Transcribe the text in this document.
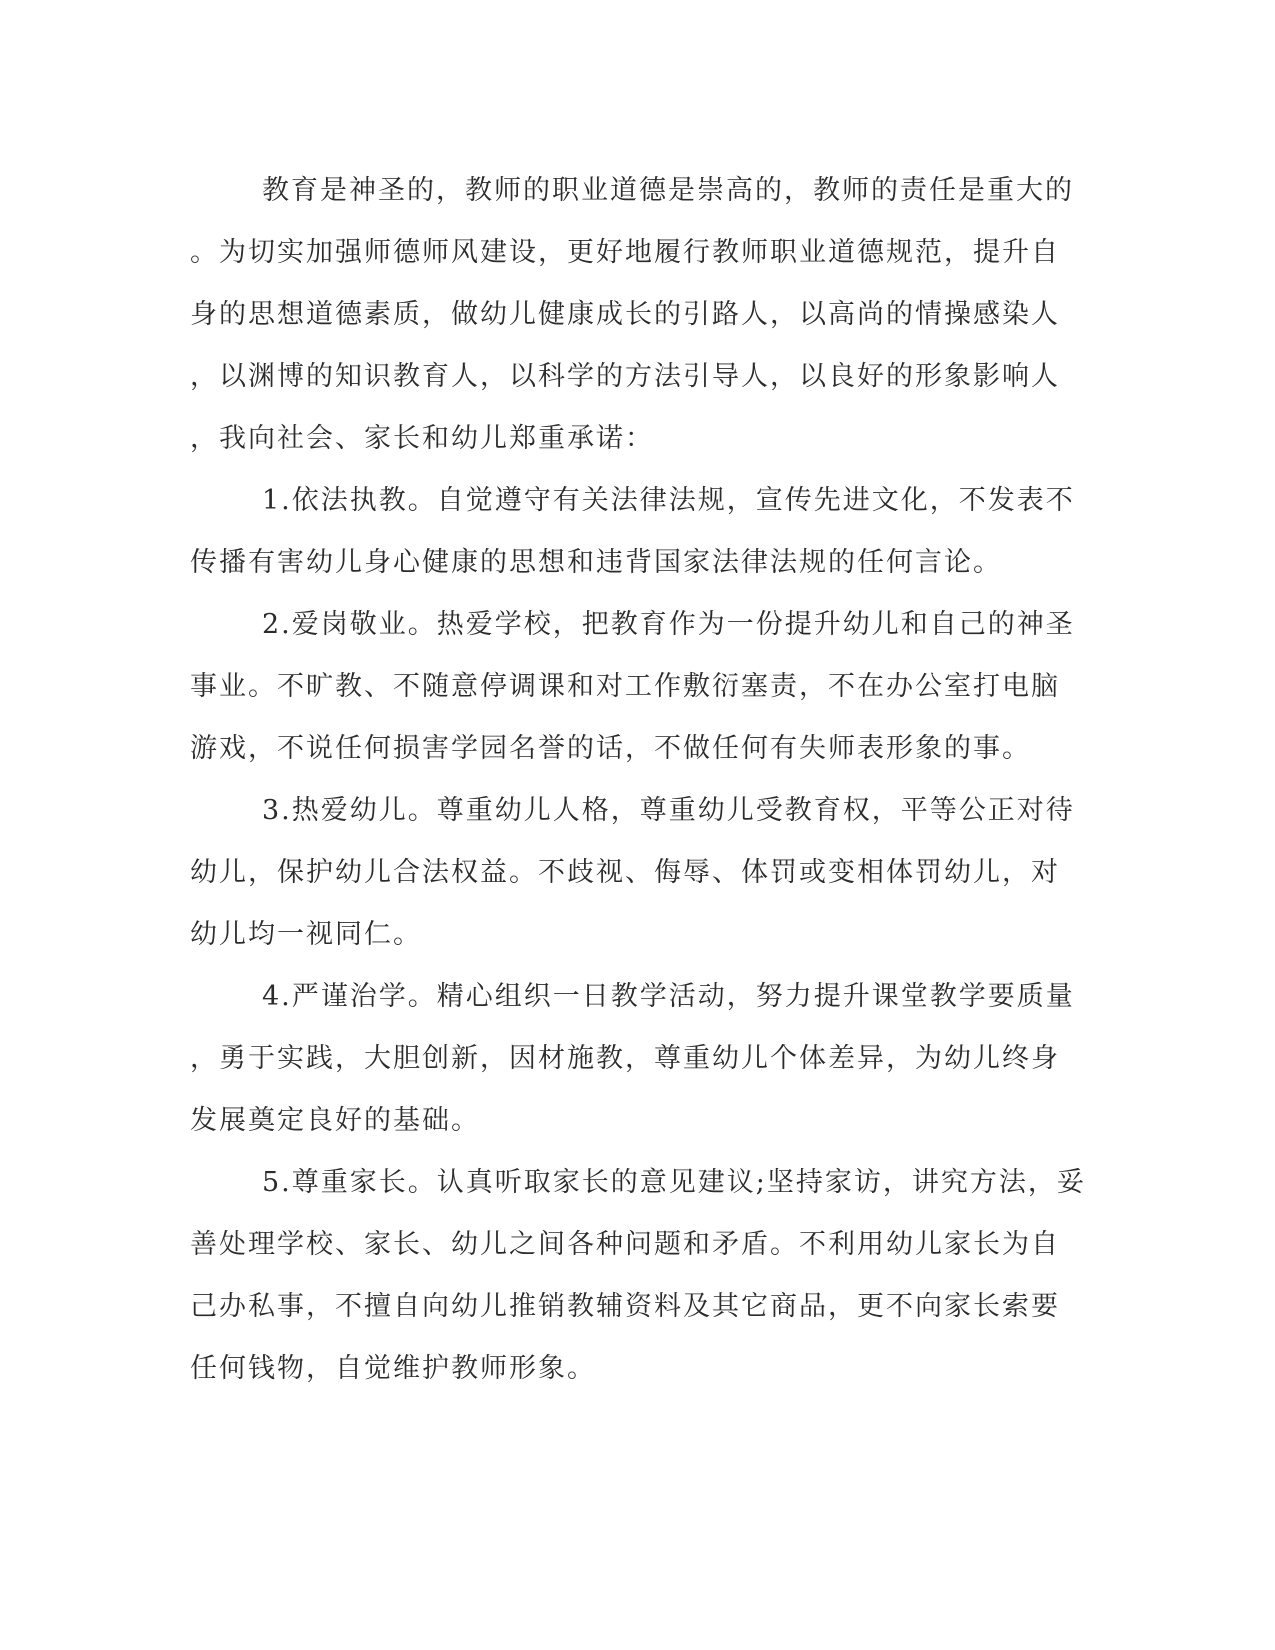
教育是神圣的，教师的职业道德是崇高的，教师的责任是重大的
。为切实加强师德师风建设，更好地履行教师职业道德规范，提升自
身的思想道德素质，做幼儿健康成长的引路人，以高尚的情操感染人
，以渊博的知识教育人，以科学的方法引导人，以良好的形象影响人
，我向社会、家长和幼儿郑重承诺：

1.依法执教。自觉遵守有关法律法规，宣传先进文化，不发表不
传播有害幼儿身心健康的思想和违背国家法律法规的任何言论。

2.爱岗敬业。热爱学校，把教育作为一份提升幼儿和自己的神圣
事业。不旷教、不随意停调课和对工作敷衍塞责，不在办公室打电脑
游戏，不说任何损害学园名誉的话，不做任何有失师表形象的事。

3.热爱幼儿。尊重幼儿人格，尊重幼儿受教育权，平等公正对待
幼儿，保护幼儿合法权益。不歧视、侮辱、体罚或变相体罚幼儿，对
幼儿均一视同仁。

4.严谨治学。精心组织一日教学活动，努力提升课堂教学要质量
，勇于实践，大胆创新，因材施教，尊重幼儿个体差异，为幼儿终身
发展奠定良好的基础。

5.尊重家长。认真听取家长的意见建议;坚持家访，讲究方法，妥
善处理学校、家长、幼儿之间各种问题和矛盾。不利用幼儿家长为自
己办私事，不擅自向幼儿推销教辅资料及其它商品，更不向家长索要
任何钱物，自觉维护教师形象。
